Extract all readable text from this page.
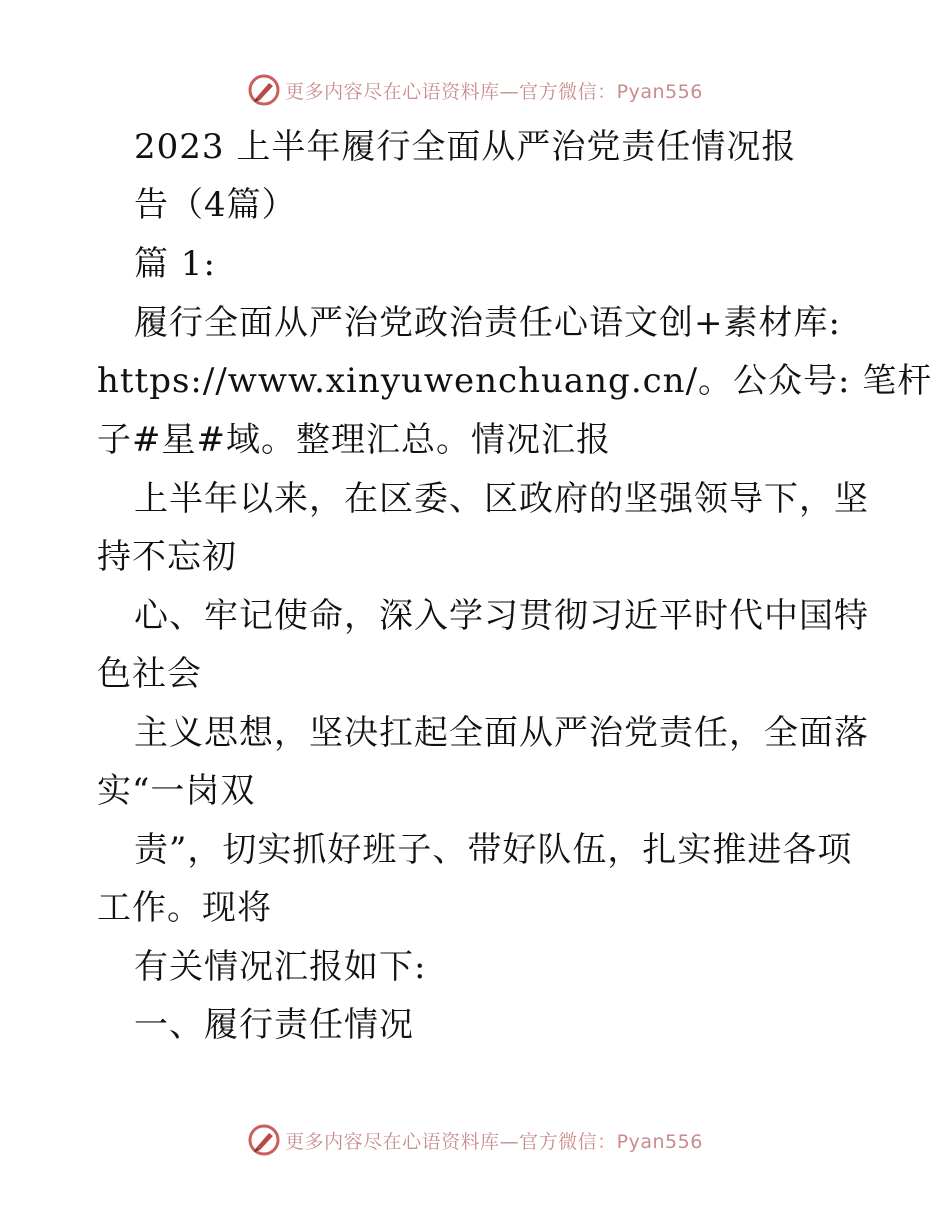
更多内容尽在心语资料库—官方微信：Pyan556
2023 上半年履行全面从严治党责任情况报
告（4篇）
篇 1:
履行全面从严治党政治责任心语文创+素材库:
https://www.xinyuwenchuang.cn/。公众号: 笔杆
子#星#域。整理汇总。情况汇报
上半年以来，在区委、区政府的坚强领导下，坚
持不忘初
心、牢记使命，深入学习贯彻习近平时代中国特
色社会
主义思想，坚决扛起全面从严治党责任，全面落
实“一岗双
责”，切实抓好班子、带好队伍，扎实推进各项
工作。现将
有关情况汇报如下:
一、履行责任情况
更多内容尽在心语资料库—官方微信：Pyan556
